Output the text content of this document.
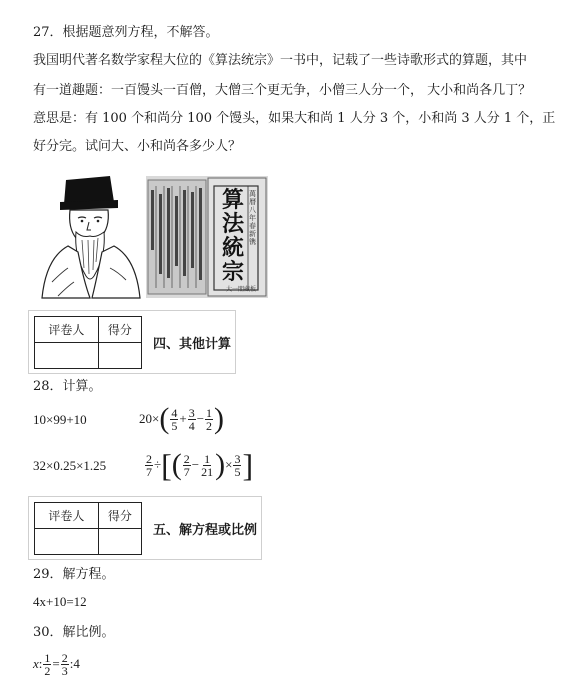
27．根据题意列方程，不解答。
我国明代著名数学家程大位的《算法统宗》一书中，记载了一些诗歌形式的算题，其中
有一道趣题：一百馒头一百僧，大僧三个更无争，小僧三人分一个， 大小和尚各几丁？
意思是：有 100 个和尚分 100 个馒头，如果大和尚 1 人分 3 个，小和尚 3 人分 1 个，正
好分完。试问大、小和尚各多少人？
萬曆八年春新镌
算
法
統
宗
大一閣藏板
评卷人	得分

四、其他计算
28．计算。
10×99+10	20× ( $\frac{4}{5} + \frac{3}{4} - \frac{1}{2}$ )
32×0.25×1.25	$\frac{2}{7}$ ÷ [ ( $\frac{2}{7} - \frac{1}{21}$ ) × $\frac{3}{5}$ ]
评卷人	得分

五、解方程或比例
29．解方程。
4x+10=12
30．解比例。
x : $\frac{1}{2} = \frac{2}{3}$ :4
